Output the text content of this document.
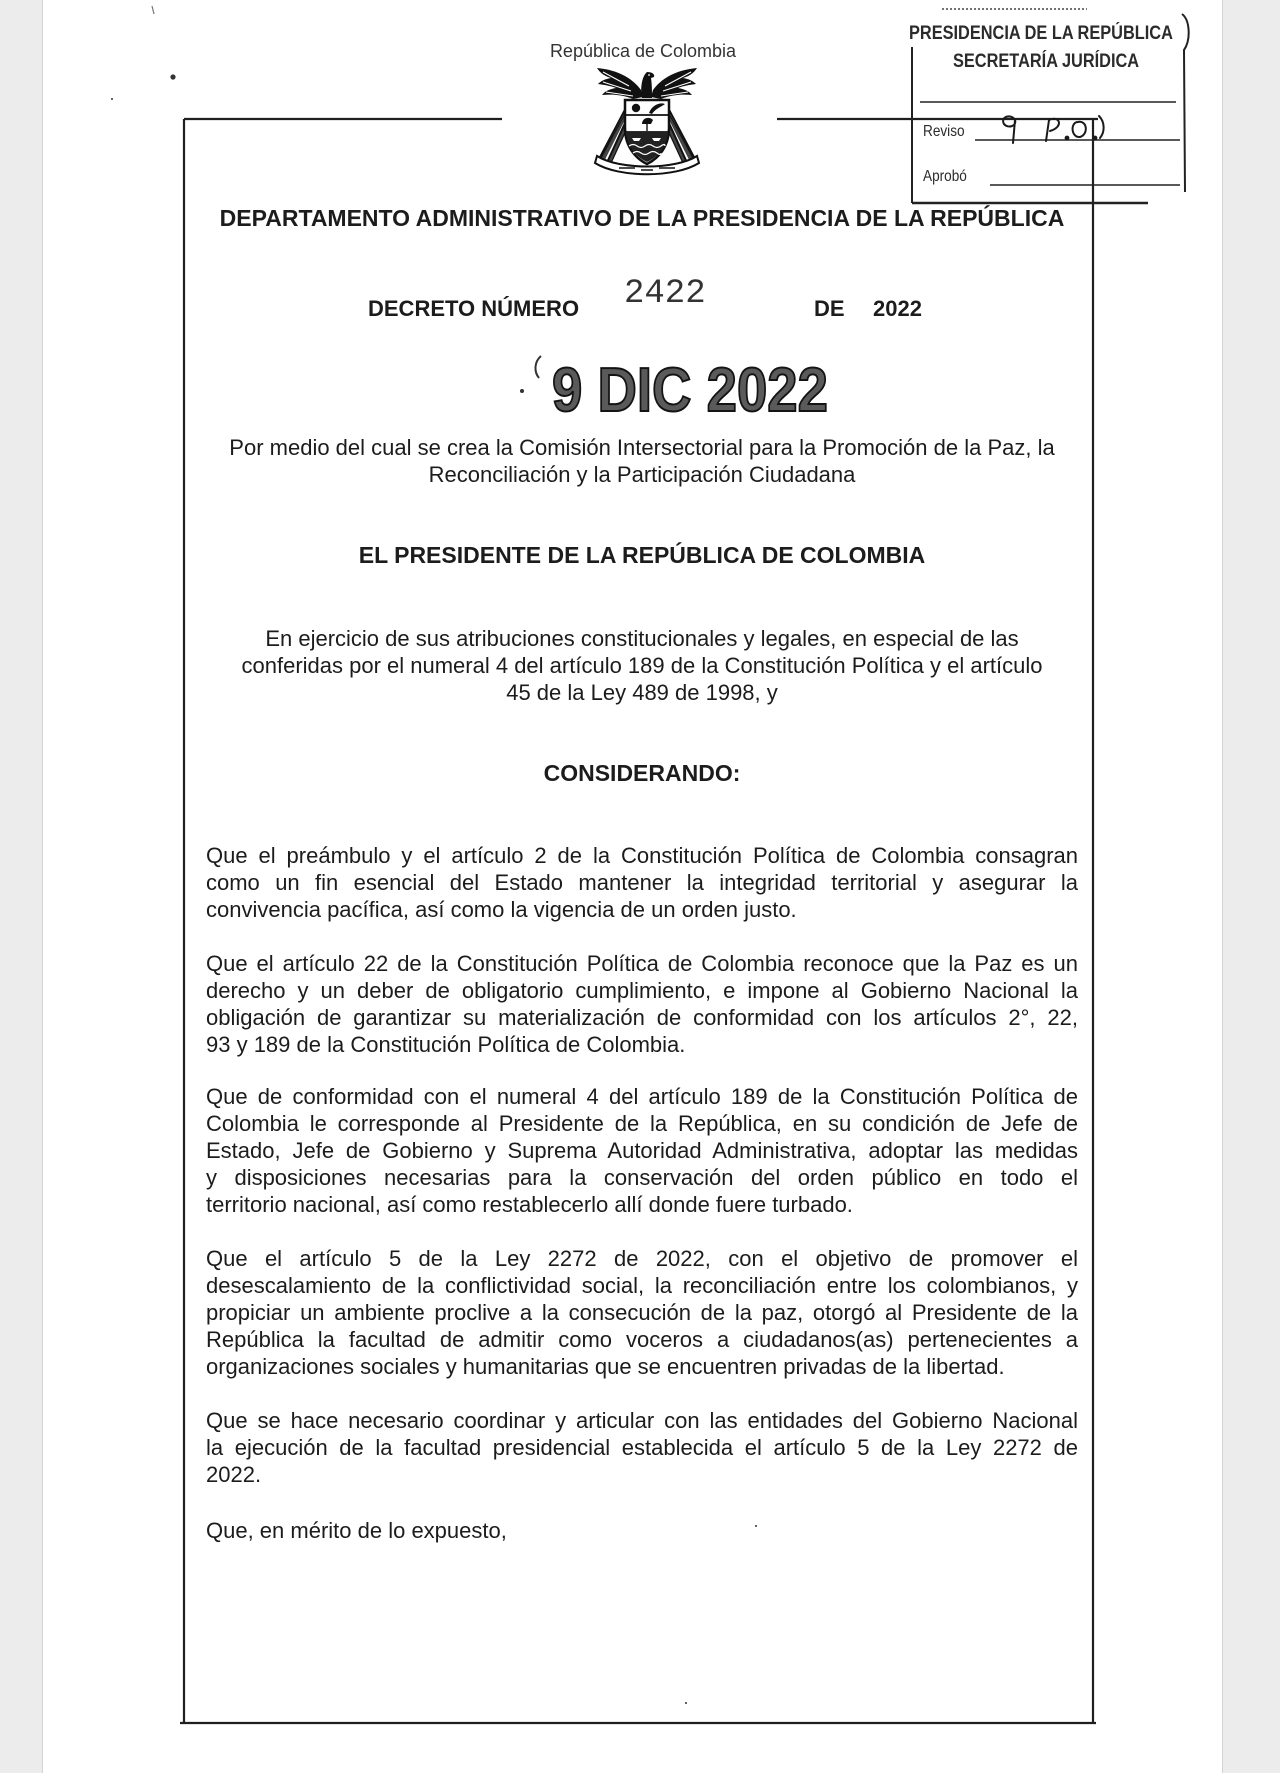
República de Colombia
PRESIDENCIA DE LA REPÚBLICA
SECRETARÍA JURÍDICA
Reviso
Aprobó
DEPARTAMENTO ADMINISTRATIVO DE LA PRESIDENCIA DE LA REPÚBLICA
DECRETO NÚMERO 2422	DE 2022
9 DIC 2022
Por medio del cual se crea la Comisión Intersectorial para la Promoción de la Paz, la
Reconciliación y la Participación Ciudadana
EL PRESIDENTE DE LA REPÚBLICA DE COLOMBIA
En ejercicio de sus atribuciones constitucionales y legales, en especial de las
conferidas por el numeral 4 del artículo 189 de la Constitución Política y el artículo
45 de la Ley 489 de 1998, y
CONSIDERANDO:
Que el preámbulo y el artículo 2 de la Constitución Política de Colombia consagran
como un fin esencial del Estado mantener la integridad territorial y asegurar la
convivencia pacífica, así como la vigencia de un orden justo.
Que el artículo 22 de la Constitución Política de Colombia reconoce que la Paz es un
derecho y un deber de obligatorio cumplimiento, e impone al Gobierno Nacional la
obligación de garantizar su materialización de conformidad con los artículos 2°, 22,
93 y 189 de la Constitución Política de Colombia.
Que de conformidad con el numeral 4 del artículo 189 de la Constitución Política de
Colombia le corresponde al Presidente de la República, en su condición de Jefe de
Estado, Jefe de Gobierno y Suprema Autoridad Administrativa, adoptar las medidas
y disposiciones necesarias para la conservación del orden público en todo el
territorio nacional, así como restablecerlo allí donde fuere turbado.
Que el artículo 5 de la Ley 2272 de 2022, con el objetivo de promover el
desescalamiento de la conflictividad social, la reconciliación entre los colombianos, y
propiciar un ambiente proclive a la consecución de la paz, otorgó al Presidente de la
República la facultad de admitir como voceros a ciudadanos(as) pertenecientes a
organizaciones sociales y humanitarias que se encuentren privadas de la libertad.
Que se hace necesario coordinar y articular con las entidades del Gobierno Nacional
la ejecución de la facultad presidencial establecida el artículo 5 de la Ley 2272 de
2022.
Que, en mérito de lo expuesto,
